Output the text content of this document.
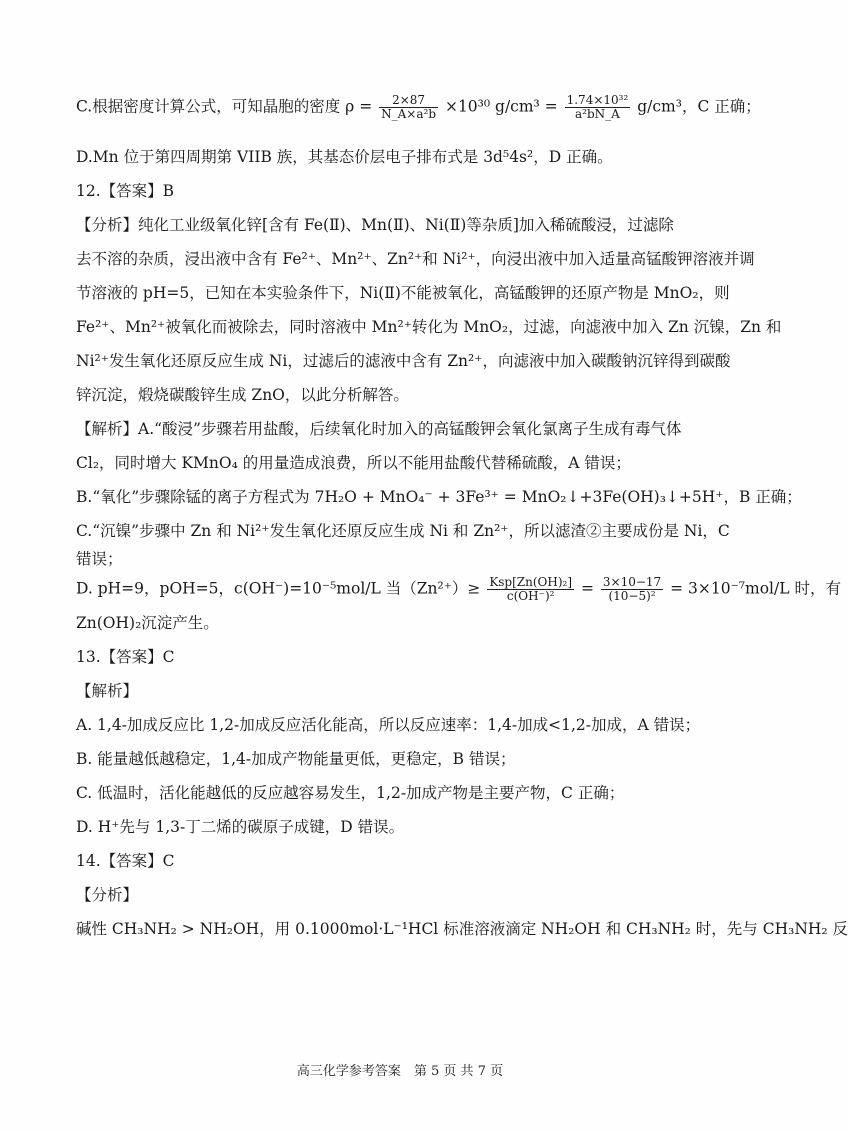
C.根据密度计算公式，可知晶胞的密度 $\rho = \frac{2\times 87}{\text{N\_A×a²b}} \times 10^{30}$ $g/cm^3 = \frac{\text{1.74×10³²}}{\text{a²bN\_A}} g/cm^3$，C 正确；
D.Mn 位于第四周期第 VIIB 族，其基态价层电子排布式是 3d⁵4s²，D 正确。
12.【答案】B
【分析】纯化工业级氧化锌[含有 Fe(Ⅱ)、Mn(Ⅱ)、Ni(Ⅱ)等杂质]加入稀硫酸浸，过滤除
去不溶的杂质，浸出液中含有 Fe²⁺、Mn²⁺、Zn²⁺和 Ni²⁺，向浸出液中加入适量高锰酸钾溶液并调
节溶液的 pH=5，已知在本实验条件下，Ni(Ⅱ)不能被氧化，高锰酸钾的还原产物是 MnO₂，则
Fe²⁺、Mn²⁺被氧化而被除去，同时溶液中 Mn²⁺转化为 MnO₂，过滤，向滤液中加入 Zn 沉镍，Zn 和
Ni²⁺发生氧化还原反应生成 Ni，过滤后的滤液中含有 Zn²⁺，向滤液中加入碳酸钠沉锌得到碳酸
锌沉淀，煅烧碳酸锌生成 ZnO，以此分析解答。
【解析】A.“酸浸”步骤若用盐酸，后续氧化时加入的高锰酸钾会氧化氯离子生成有毒气体
Cl₂，同时增大 KMnO₄ 的用量造成浪费，所以不能用盐酸代替稀硫酸，A 错误；
B.“氧化”步骤除锰的离子方程式为 7H₂O + MnO₄⁻ + 3Fe³⁺ = MnO₂↓+3Fe(OH)₃↓+5H⁺，B 正确；
C.“沉镍”步骤中 Zn 和 Ni²⁺发生氧化还原反应生成 Ni 和 Zn²⁺，所以滤渣②主要成份是 Ni，C
错误；
D. pH=9，pOH=5，c(OH⁻)=10⁻⁵mol/L 当$(Zn^{2+})\ge \frac{\text{Ksp[Zn(OH)₂]}}{\text{c(OH⁻)²}} = \frac{3\times 10-17}{\text{(10−5)²}} = 3\times 10^{-7}mol/L$ 时，有
Zn(OH)₂沉淀产生。
13.【答案】C
【解析】
A. 1,4-加成反应比 1,2-加成反应活化能高，所以反应速率：1,4-加成<1,2-加成，A 错误；
B. 能量越低越稳定，1,4-加成产物能量更低，更稳定，B 错误；
C. 低温时，活化能越低的反应越容易发生，1,2-加成产物是主要产物，C 正确；
D. H⁺先与 1,3-丁二烯的碳原子成键，D 错误。
14.【答案】C
【分析】
碱性 CH₃NH₂ > NH₂OH，用 0.1000mol·L⁻¹HCl 标准溶液滴定 NH₂OH 和 CH₃NH₂ 时，先与 CH₃NH₂ 反
高三化学参考答案　第 5 页 共 7 页
